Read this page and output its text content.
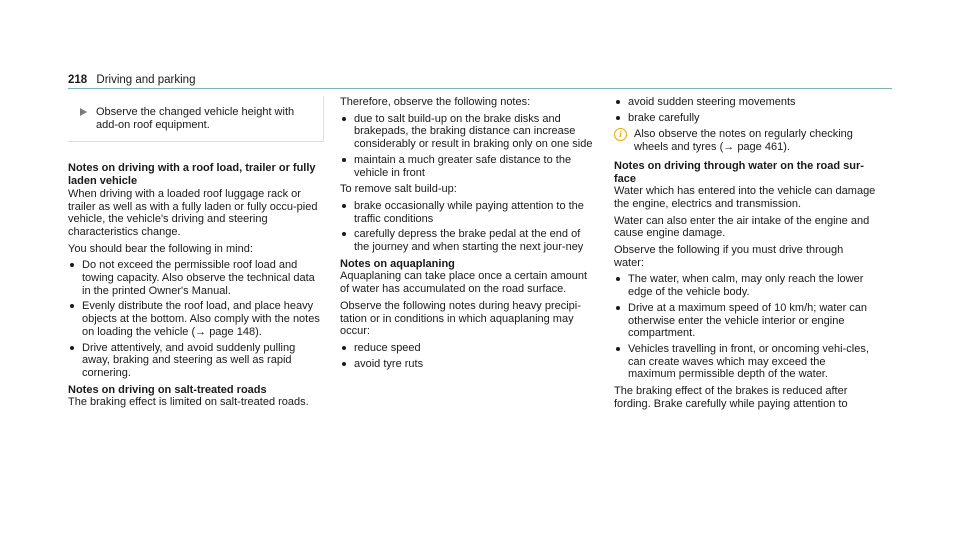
218 Driving and parking
Observe the changed vehicle height with add-on roof equipment.
Notes on driving with a roof load, trailer or fully laden vehicle

When driving with a loaded roof luggage rack or trailer as well as with a fully laden or fully occu-pied vehicle, the vehicle's driving and steering characteristics change.

You should bear the following in mind:

Do not exceed the permissible roof load and towing capacity. Also observe the technical data in the printed Owner's Manual.
Evenly distribute the roof load, and place heavy objects at the bottom. Also comply with the notes on loading the vehicle (→ page 148).
Drive attentively, and avoid suddenly pulling away, braking and steering as well as rapid cornering.
Notes on driving on salt-treated roads

The braking effect is limited on salt-treated roads.

Therefore, observe the following notes:

due to salt build-up on the brake disks and brakepads, the braking distance can increase considerably or result in braking only on one side
maintain a much greater safe distance to the vehicle in front

To remove salt build-up:

brake occasionally while paying attention to the traffic conditions
carefully depress the brake pedal at the end of the journey and when starting the next jour-ney
Notes on aquaplaning

Aquaplaning can take place once a certain amount of water has accumulated on the road surface.

Observe the following notes during heavy precipi-tation or in conditions in which aquaplaning may occur:

reduce speed
avoid tyre ruts
avoid sudden steering movements
brake carefully
i	Also observe the notes on regularly checking wheels and tyres (→ page 461).
Notes on driving through water on the road sur-face

Water which has entered into the vehicle can damage the engine, electrics and transmission.

Water can also enter the air intake of the engine and cause engine damage.

Observe the following if you must drive through water:

The water, when calm, may only reach the lower edge of the vehicle body.
Drive at a maximum speed of 10 km/h; water can otherwise enter the vehicle interior or engine compartment.
Vehicles travelling in front, or oncoming vehi-cles, can create waves which may exceed the maximum permissible depth of the water.

The braking effect of the brakes is reduced after fording. Brake carefully while paying attention to
